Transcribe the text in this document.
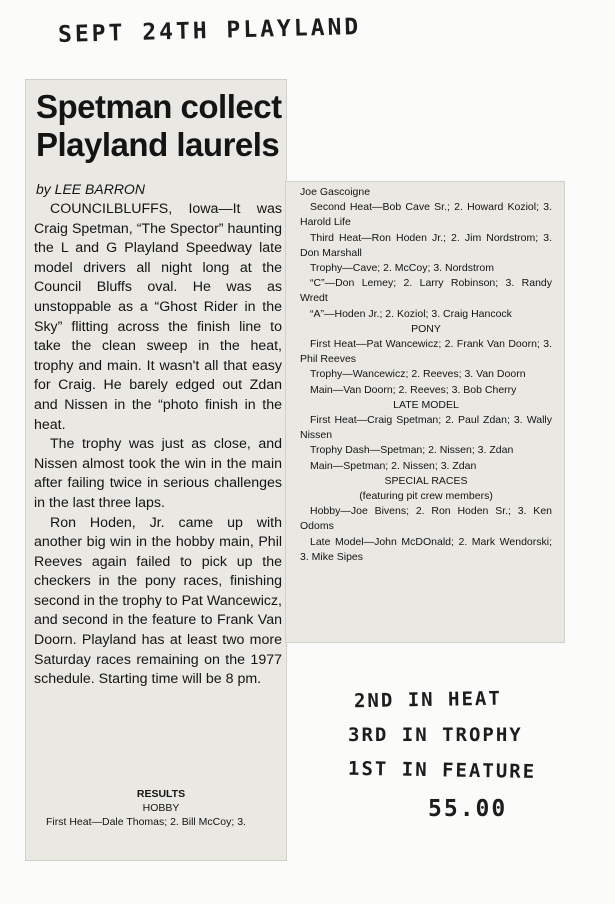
SEPT 24TH PLAYLAND
Spetman collect
Playland laurels
by LEE BARRON

COUNCILBLUFFS, Iowa—It was Craig Spetman, “The Spector” haunting the L and G Playland Speedway late model drivers all night long at the Council Bluffs oval. He was as unstoppable as a “Ghost Rider in the Sky” flitting across the finish line to take the clean sweep in the heat, trophy and main. It wasn't all that easy for Craig. He barely edged out Zdan and Nissen in the “photo finish in the heat.

The trophy was just as close, and Nissen almost took the win in the main after failing twice in serious challenges in the last three laps.

Ron Hoden, Jr. came up with another big win in the hobby main, Phil Reeves again failed to pick up the checkers in the pony races, finishing second in the trophy to Pat Wancewicz, and second in the feature to Frank Van Doorn. Playland has at least two more Saturday races remaining on the 1977 schedule. Starting time will be 8 pm.

RESULTS
HOBBY
First Heat—Dale Thomas; 2. Bill McCoy; 3.
Joe Gascoigne
Second Heat—Bob Cave Sr.; 2. Howard Koziol; 3. Harold Life
Third Heat—Ron Hoden Jr.; 2. Jim Nordstrom; 3. Don Marshall
Trophy—Cave; 2. McCoy; 3. Nordstrom
“C”—Don Lemey; 2. Larry Robinson; 3. Randy Wredt
“A”—Hoden Jr.; 2. Koziol; 3. Craig Hancock
PONY
First Heat—Pat Wancewicz; 2. Frank Van Doorn; 3. Phil Reeves
Trophy—Wancewicz; 2. Reeves; 3. Van Doorn
Main—Van Doorn; 2. Reeves; 3. Bob Cherry
LATE MODEL
First Heat—Craig Spetman; 2. Paul Zdan; 3. Wally Nissen
Trophy Dash—Spetman; 2. Nissen; 3. Zdan
Main—Spetman; 2. Nissen; 3. Zdan
SPECIAL RACES
(featuring pit crew members)
Hobby—Joe Bivens; 2. Ron Hoden Sr.; 3. Ken Odoms
Late Model—John McDOnald; 2. Mark Wendorski; 3. Mike Sipes
2ND IN HEAT
3RD IN TROPHY
1ST IN FEATURE
55.00
